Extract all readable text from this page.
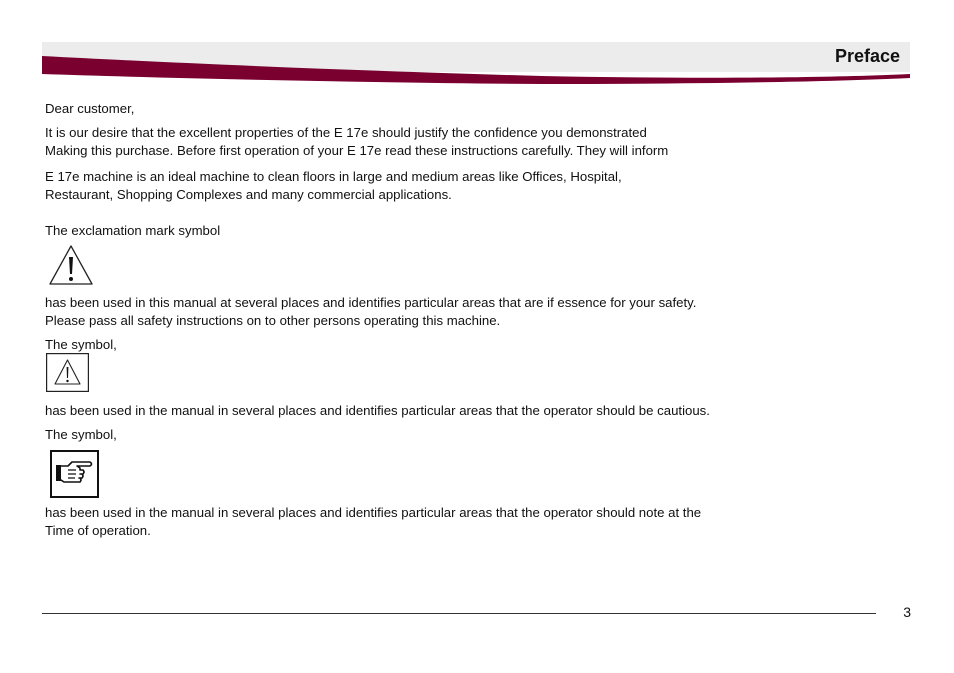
Preface
Dear customer,
It is our desire that the excellent properties of the E 17e should justify the confidence you demonstrated
Making this purchase. Before first operation of your E 17e read these instructions carefully. They will inform
E 17e machine is an ideal machine to clean floors in large and medium areas like Offices, Hospital,
Restaurant, Shopping Complexes and many commercial applications.
The exclamation mark symbol
has been used in this manual at several places and identifies particular areas that are if essence for your safety.
Please pass all safety instructions on to other persons operating this machine.
The symbol,
has been used in the manual in several places and identifies particular areas that the operator should be cautious.
The symbol,
has been used in the manual in several places and identifies particular areas that the operator should note at the
Time of operation.
3
